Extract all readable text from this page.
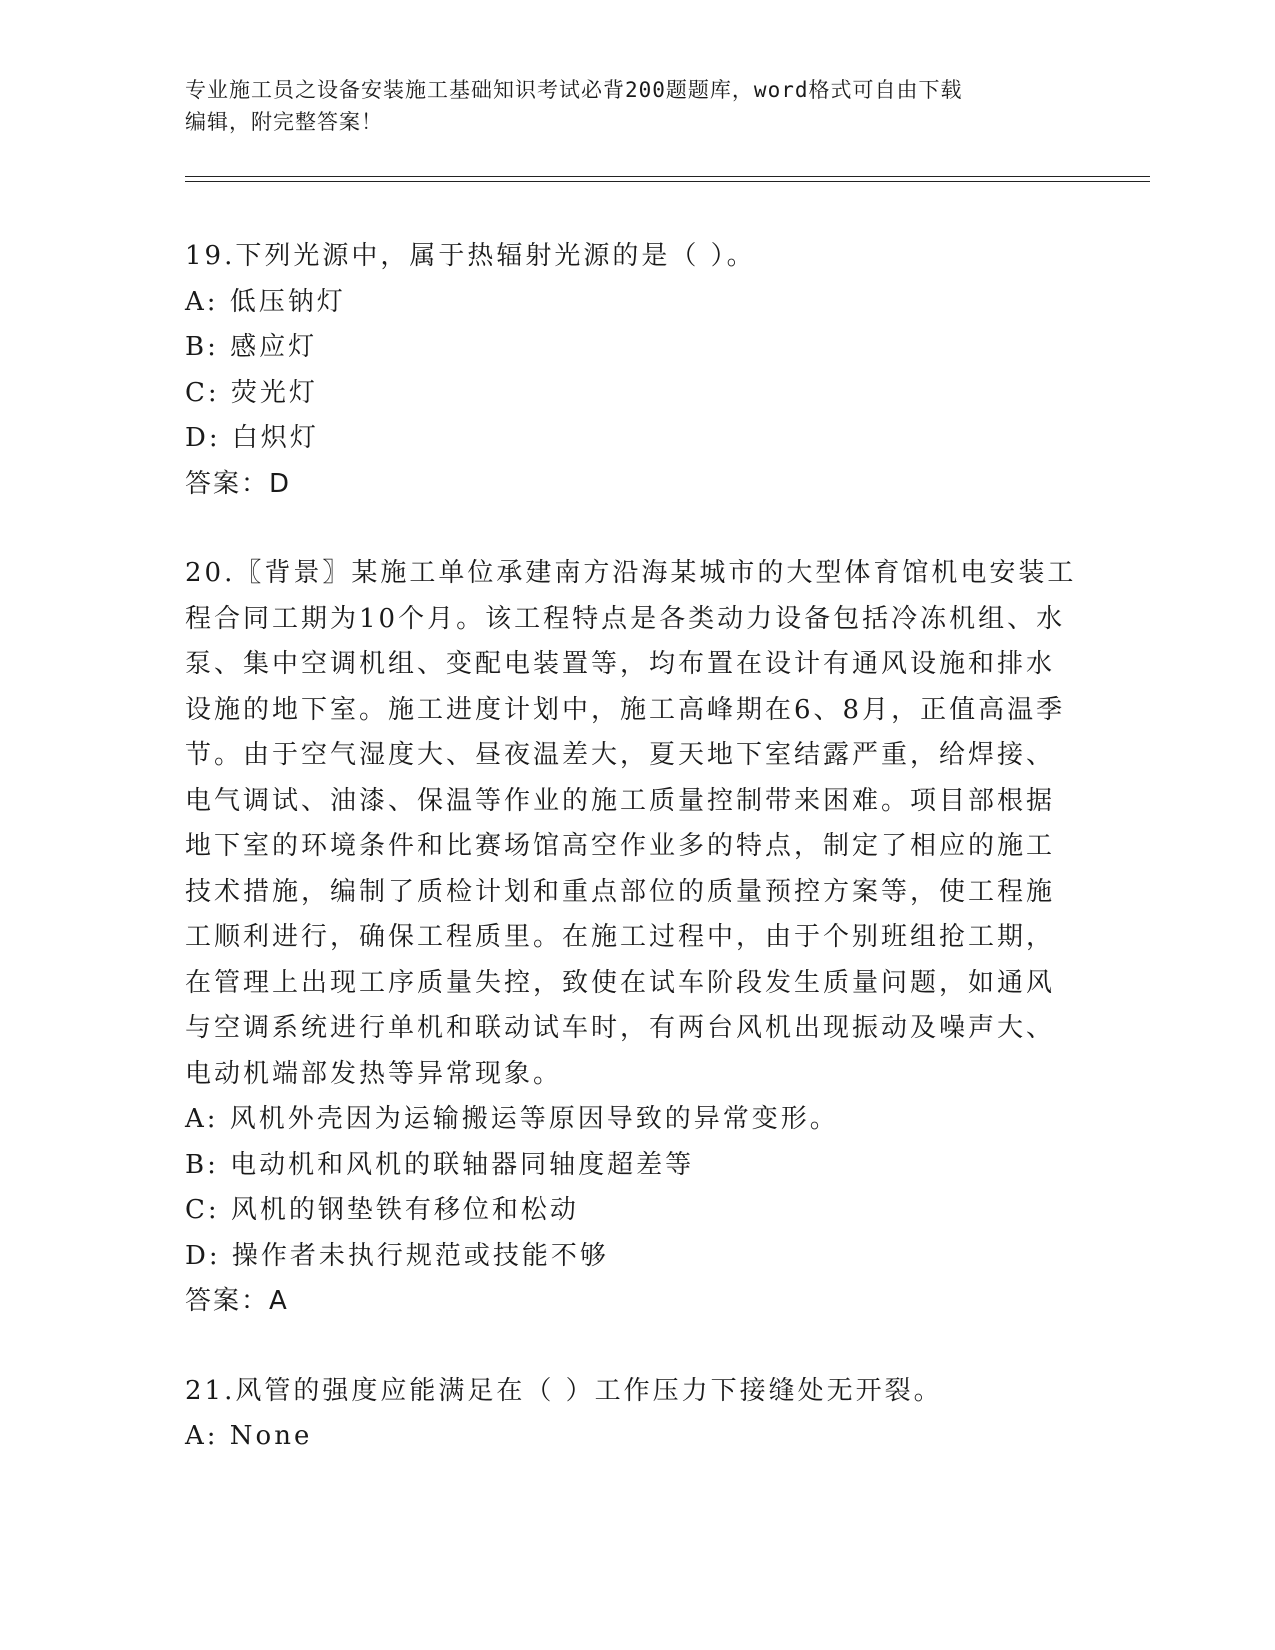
专业施工员之设备安装施工基础知识考试必背200题题库，word格式可自由下载
编辑，附完整答案！
19.下列光源中，属于热辐射光源的是（ ）。
A: 低压钠灯
B: 感应灯
C: 荧光灯
D: 白炽灯
答案：D
20.〖背景〗某施工单位承建南方沿海某城市的大型体育馆机电安装工
程合同工期为10个月。该工程特点是各类动力设备包括冷冻机组、水
泵、集中空调机组、变配电装置等，均布置在设计有通风设施和排水
设施的地下室。施工进度计划中，施工高峰期在6、8月，正值高温季
节。由于空气湿度大、昼夜温差大，夏天地下室结露严重，给焊接、
电气调试、油漆、保温等作业的施工质量控制带来困难。项目部根据
地下室的环境条件和比赛场馆高空作业多的特点，制定了相应的施工
技术措施，编制了质检计划和重点部位的质量预控方案等，使工程施
工顺利进行，确保工程质里。在施工过程中，由于个别班组抢工期，
在管理上出现工序质量失控，致使在试车阶段发生质量问题，如通风
与空调系统进行单机和联动试车时，有两台风机出现振动及噪声大、
电动机端部发热等异常现象。
A: 风机外壳因为运输搬运等原因导致的异常变形。
B: 电动机和风机的联轴器同轴度超差等
C: 风机的钢垫铁有移位和松动
D: 操作者未执行规范或技能不够
答案：A
21.风管的强度应能满足在（ ）工作压力下接缝处无开裂。
A: None
